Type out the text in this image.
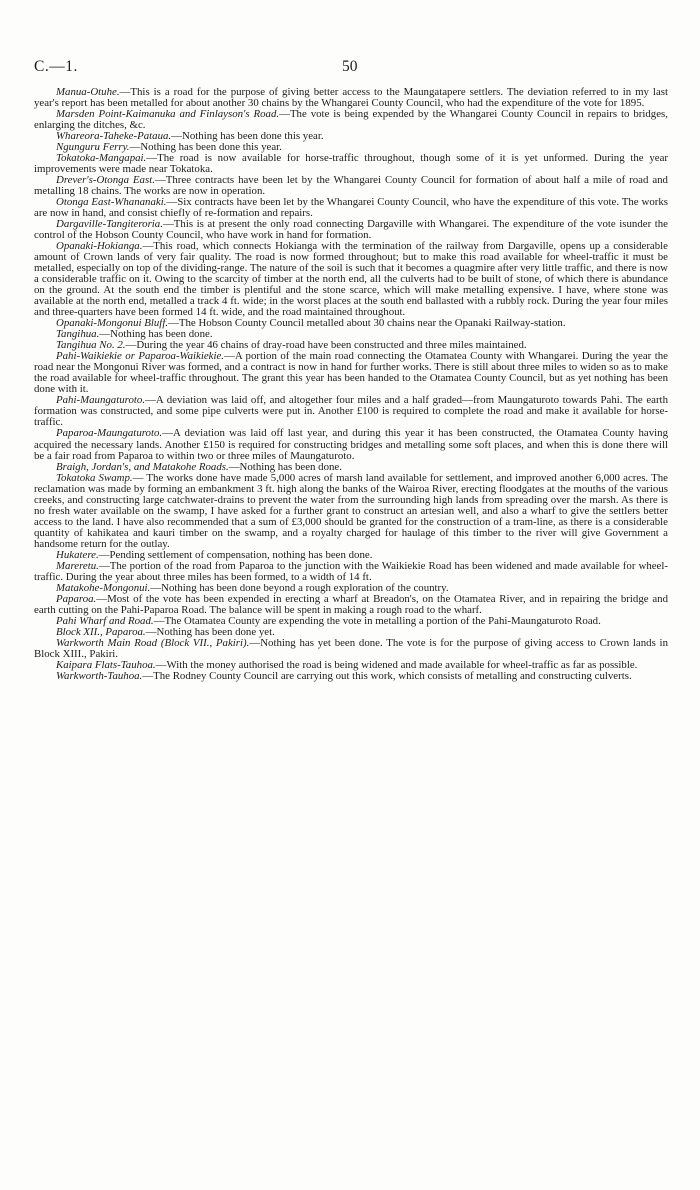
C.—1.	50

Manua-Otuhe.—This is a road for the purpose of giving better access to the Maungatapere settlers. The deviation referred to in my last year's report has been metalled for about another 30 chains by the Whangarei County Council, who had the expenditure of the vote for 1895.

Marsden Point-Kaimanuka and Finlayson's Road.—The vote is being expended by the Whangarei County Council in repairs to bridges, enlarging the ditches, &c.

Whareora-Taheke-Pataua.—Nothing has been done this year.

Ngunguru Ferry.—Nothing has been done this year.

Tokatoka-Mangapai.—The road is now available for horse-traffic throughout, though some of it is yet unformed. During the year improvements were made near Tokatoka.

Drever's-Otonga East.—Three contracts have been let by the Whangarei County Council for formation of about half a mile of road and metalling 18 chains. The works are now in operation.

Otonga East-Whananaki.—Six contracts have been let by the Whangarei County Council, who have the expenditure of this vote. The works are now in hand, and consist chiefly of re-formation and repairs.

Dargaville-Tangiteroria.—This is at present the only road connecting Dargaville with Whangarei. The expenditure of the vote isunder the control of the Hobson County Council, who have work in hand for formation.

Opanaki-Hokianga.—This road, which connects Hokianga with the termination of the railway from Dargaville, opens up a considerable amount of Crown lands of very fair quality. The road is now formed throughout; but to make this road available for wheel-traffic it must be metalled, especially on top of the dividing-range. The nature of the soil is such that it becomes a quagmire after very little traffic, and there is now a considerable traffic on it. Owing to the scarcity of timber at the north end, all the culverts had to be built of stone, of which there is abundance on the ground. At the south end the timber is plentiful and the stone scarce, which will make metalling expensive. I have, where stone was available at the north end, metalled a track 4 ft. wide; in the worst places at the south end ballasted with a rubbly rock. During the year four miles and three-quarters have been formed 14 ft. wide, and the road maintained throughout.

Opanaki-Mongonui Bluff.—The Hobson County Council metalled about 30 chains near the Opanaki Railway-station.

Tangihua.—Nothing has been done.

Tangihua No. 2.—During the year 46 chains of dray-road have been constructed and three miles maintained.

Pahi-Waikiekie or Paparoa-Waikiekie.—A portion of the main road connecting the Otamatea County with Whangarei. During the year the road near the Mongonui River was formed, and a contract is now in hand for further works. There is still about three miles to widen so as to make the road available for wheel-traffic throughout. The grant this year has been handed to the Otamatea County Council, but as yet nothing has been done with it.

Pahi-Maungaturoto.—A deviation was laid off, and altogether four miles and a half graded—from Maungaturoto towards Pahi. The earth formation was constructed, and some pipe culverts were put in. Another £100 is required to complete the road and make it available for horse-traffic.

Paparoa-Maungaturoto.—A deviation was laid off last year, and during this year it has been constructed, the Otamatea County having acquired the necessary lands. Another £150 is required for constructing bridges and metalling some soft places, and when this is done there will be a fair road from Paparoa to within two or three miles of Maungaturoto.

Braigh, Jordan's, and Matakohe Roads.—Nothing has been done.

Tokatoka Swamp.— The works done have made 5,000 acres of marsh land available for settlement, and improved another 6,000 acres. The reclamation was made by forming an embankment 3 ft. high along the banks of the Wairoa River, erecting floodgates at the mouths of the various creeks, and constructing large catchwater-drains to prevent the water from the surrounding high lands from spreading over the marsh. As there is no fresh water available on the swamp, I have asked for a further grant to construct an artesian well, and also a wharf to give the settlers better access to the land. I have also recommended that a sum of £3,000 should be granted for the construction of a tram-line, as there is a considerable quantity of kahikatea and kauri timber on the swamp, and a royalty charged for haulage of this timber to the river will give Government a handsome return for the outlay.

Hukatere.—Pending settlement of compensation, nothing has been done.

Mareretu.—The portion of the road from Paparoa to the junction with the Waikiekie Road has been widened and made available for wheel-traffic. During the year about three miles has been formed, to a width of 14 ft.

Matakohe-Mongonui.—Nothing has been done beyond a rough exploration of the country.

Paparoa.—Most of the vote has been expended in erecting a wharf at Breadon's, on the Otamatea River, and in repairing the bridge and earth cutting on the Pahi-Paparoa Road. The balance will be spent in making a rough road to the wharf.

Pahi Wharf and Road.—The Otamatea County are expending the vote in metalling a portion of the Pahi-Maungaturoto Road.

Block XII., Paparoa.—Nothing has been done yet.

Warkworth Main Road (Block VII., Pakiri).—Nothing has yet been done. The vote is for the purpose of giving access to Crown lands in Block XIII., Pakiri.

Kaipara Flats-Tauhoa.—With the money authorised the road is being widened and made available for wheel-traffic as far as possible.

Warkworth-Tauhoa.—The Rodney County Council are carrying out this work, which consists of metalling and constructing culverts.
